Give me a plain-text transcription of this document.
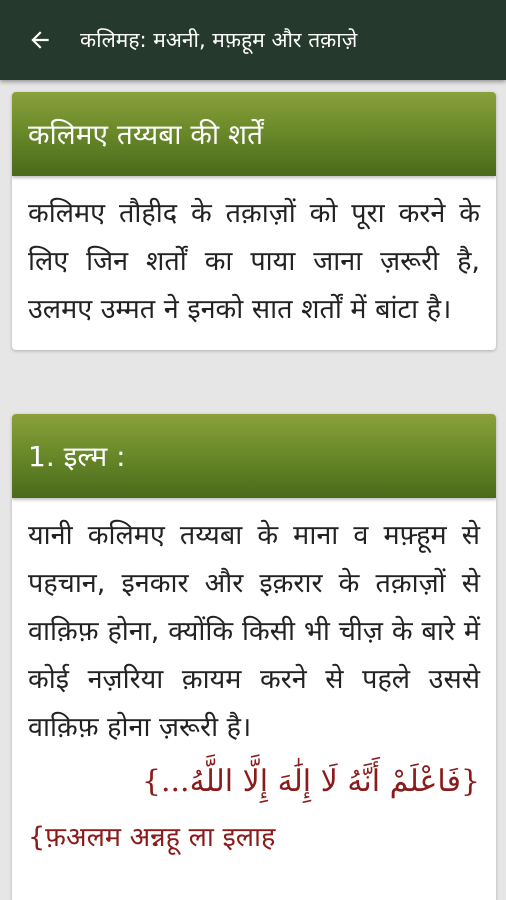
कलिमह: मअनी, मफ़हूम और तक़ाज़े
कलिमए तय्यबा की शर्तें
कलिमए तौहीद के तक़ाज़ों को पूरा करने के लिए जिन शर्तों का पाया जाना ज़रूरी है, उलमए उम्मत ने इनको सात शर्तों में बांटा है।
1. इल्म :
यानी कलिमए तय्यबा के माना व मफ़्हूम से पहचान, इनकार और इक़रार के तक़ाज़ों से वाक़िफ़ होना, क्योंकि किसी भी चीज़ के बारे में कोई नज़रिया क़ायम करने से पहले उससे वाक़िफ़ होना ज़रूरी है।
{فَاعْلَمْ أَنَّهُ لَا إِلَٰهَ إِلَّا اللَّهُ...}
{फ़अलम अन्नहू ला इलाह
